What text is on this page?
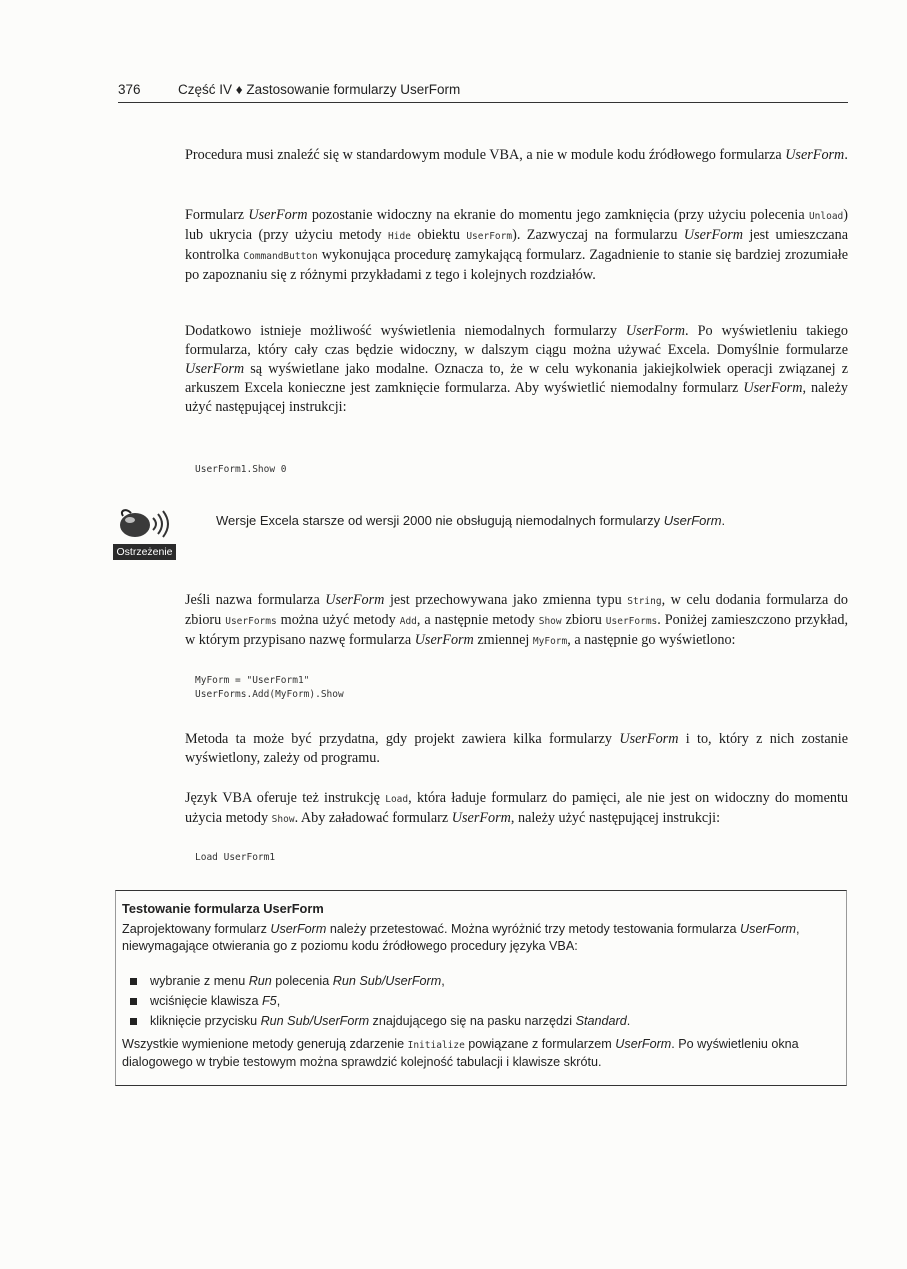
376	Część IV ♦ Zastosowanie formularzy UserForm

Procedura musi znaleźć się w standardowym module VBA, a nie w module kodu źródłowego formularza UserForm.

Formularz UserForm pozostanie widoczny na ekranie do momentu jego zamknięcia (przy użyciu polecenia Unload) lub ukrycia (przy użyciu metody Hide obiektu UserForm). Zazwyczaj na formularzu UserForm jest umieszczana kontrolka CommandButton wykonująca procedurę zamykającą formularz. Zagadnienie to stanie się bardziej zrozumiałe po zapoznaniu się z różnymi przykładami z tego i kolejnych rozdziałów.

Dodatkowo istnieje możliwość wyświetlenia niemodalnych formularzy UserForm. Po wyświetleniu takiego formularza, który cały czas będzie widoczny, w dalszym ciągu można używać Excela. Domyślnie formularze UserForm są wyświetlane jako modalne. Oznacza to, że w celu wykonania jakiejkolwiek operacji związanej z arkuszem Excela konieczne jest zamknięcie formularza. Aby wyświetlić niemodalny formularz UserForm, należy użyć następującej instrukcji:

UserForm1.Show 0
Ostrzeżenie
Wersje Excela starsze od wersji 2000 nie obsługują niemodalnych formularzy UserForm.

Jeśli nazwa formularza UserForm jest przechowywana jako zmienna typu String, w celu dodania formularza do zbioru UserForms można użyć metody Add, a następnie metody Show zbioru UserForms. Poniżej zamieszczono przykład, w którym przypisano nazwę formularza UserForm zmiennej MyForm, a następnie go wyświetlono:

MyForm = "UserForm1"
UserForms.Add(MyForm).Show

Metoda ta może być przydatna, gdy projekt zawiera kilka formularzy UserForm i to, który z nich zostanie wyświetlony, zależy od programu.

Język VBA oferuje też instrukcję Load, która ładuje formularz do pamięci, ale nie jest on widoczny do momentu użycia metody Show. Aby załadować formularz UserForm, należy użyć następującej instrukcji:

Load UserForm1
Testowanie formularza UserForm
Zaprojektowany formularz UserForm należy przetestować. Można wyróżnić trzy metody testowania formularza UserForm, niewymagające otwierania go z poziomu kodu źródłowego procedury języka VBA:
wybranie z menu Run polecenia Run Sub/UserForm,
wciśnięcie klawisza F5,
kliknięcie przycisku Run Sub/UserForm znajdującego się na pasku narzędzi Standard.
Wszystkie wymienione metody generują zdarzenie Initialize powiązane z formularzem UserForm. Po wyświetleniu okna dialogowego w trybie testowym można sprawdzić kolejność tabulacji i klawisze skrótu.
